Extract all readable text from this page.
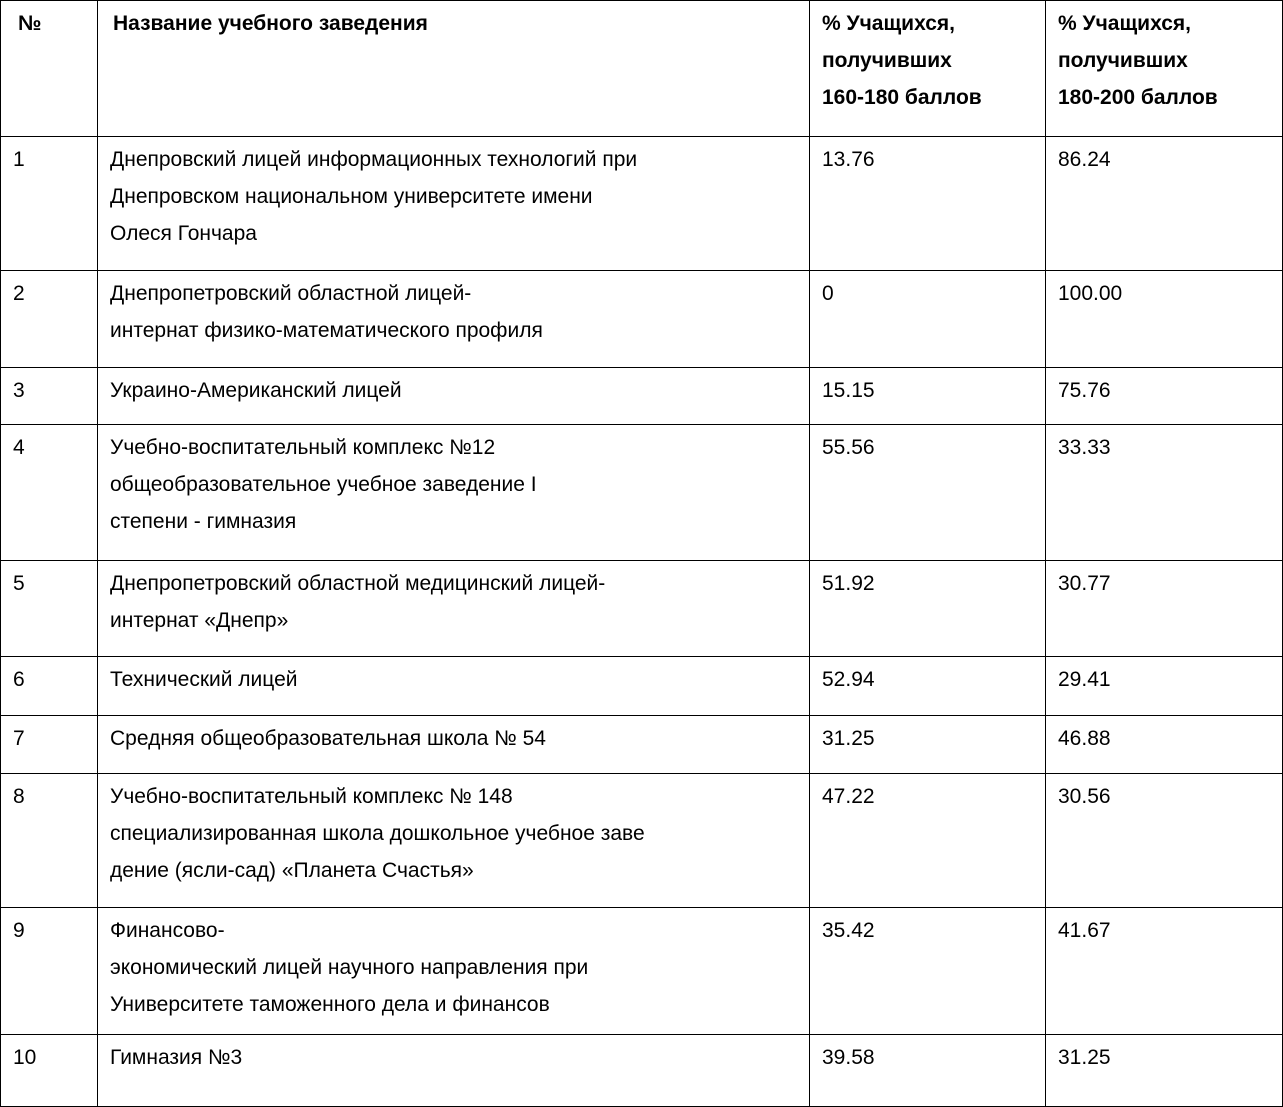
№	Название учебного заведения	% Учащихся,
получивших
160-180 баллов	% Учащихся,
получивших
180-200 баллов

1	Днепровский лицей информационных технологий при
Днепровском национальном университете имени
Олеся Гончара	13.76	86.24

2	Днепропетровский областной лицей-
интернат физико-математического профиля	0	100.00

3	Украино-Американский лицей	15.15	75.76

4	Учебно-воспитательный комплекс №12
общеобразовательное учебное заведение I
степени - гимназия	55.56	33.33

5	Днепропетровский областной медицинский лицей-
интернат «Днепр»	51.92	30.77

6	Технический лицей	52.94	29.41

7	Средняя общеобразовательная школа № 54	31.25	46.88

8	Учебно-воспитательный комплекс № 148
специализированная школа дошкольное учебное заве
дение (ясли-сад) «Планета Счастья»	47.22	30.56

9	Финансово-
экономический лицей научного направления при
Университете таможенного дела и финансов	35.42	41.67

10	Гимназия №3	39.58	31.25
